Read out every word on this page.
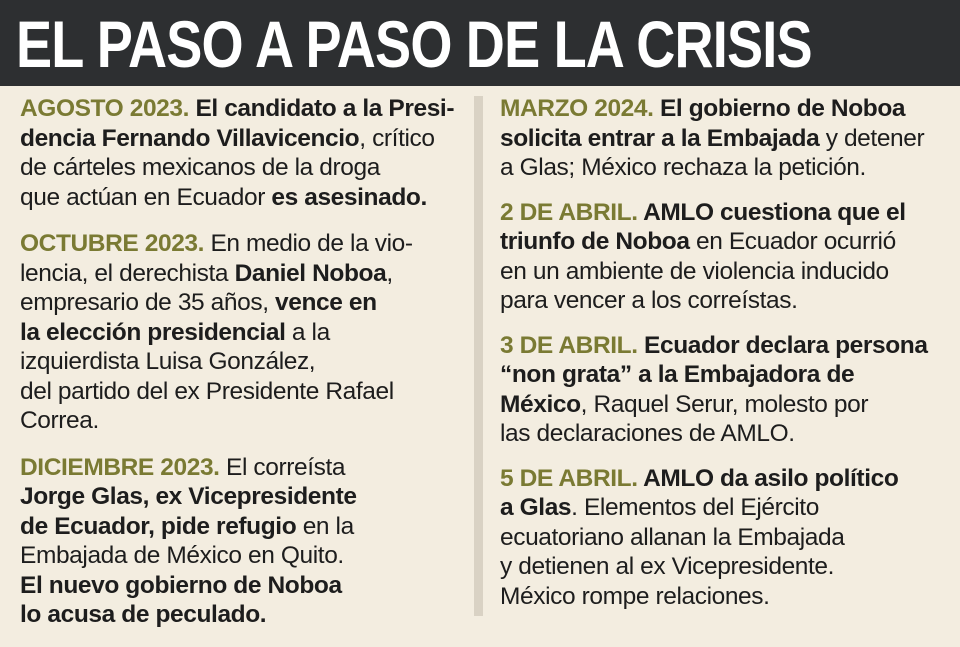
EL PASO A PASO DE LA CRISIS

AGOSTO 2023. El candidato a la Presi-
dencia Fernando Villavicencio, crítico
de cárteles mexicanos de la droga
que actúan en Ecuador es asesinado.

OCTUBRE 2023. En medio de la vio-
lencia, el derechista Daniel Noboa,
empresario de 35 años, vence en
la elección presidencial a la
izquierdista Luisa González,
del partido del ex Presidente Rafael
Correa.

DICIEMBRE 2023. El correísta
Jorge Glas, ex Vicepresidente
de Ecuador, pide refugio en la
Embajada de México en Quito.
El nuevo gobierno de Noboa
lo acusa de peculado.

MARZO 2024. El gobierno de Noboa
solicita entrar a la Embajada y detener
a Glas; México rechaza la petición.

2 DE ABRIL. AMLO cuestiona que el
triunfo de Noboa en Ecuador ocurrió
en un ambiente de violencia inducido
para vencer a los correístas.

3 DE ABRIL. Ecuador declara persona
“non grata” a la Embajadora de
México, Raquel Serur, molesto por
las declaraciones de AMLO.

5 DE ABRIL. AMLO da asilo político
a Glas. Elementos del Ejército
ecuatoriano allanan la Embajada
y detienen al ex Vicepresidente.
México rompe relaciones.
